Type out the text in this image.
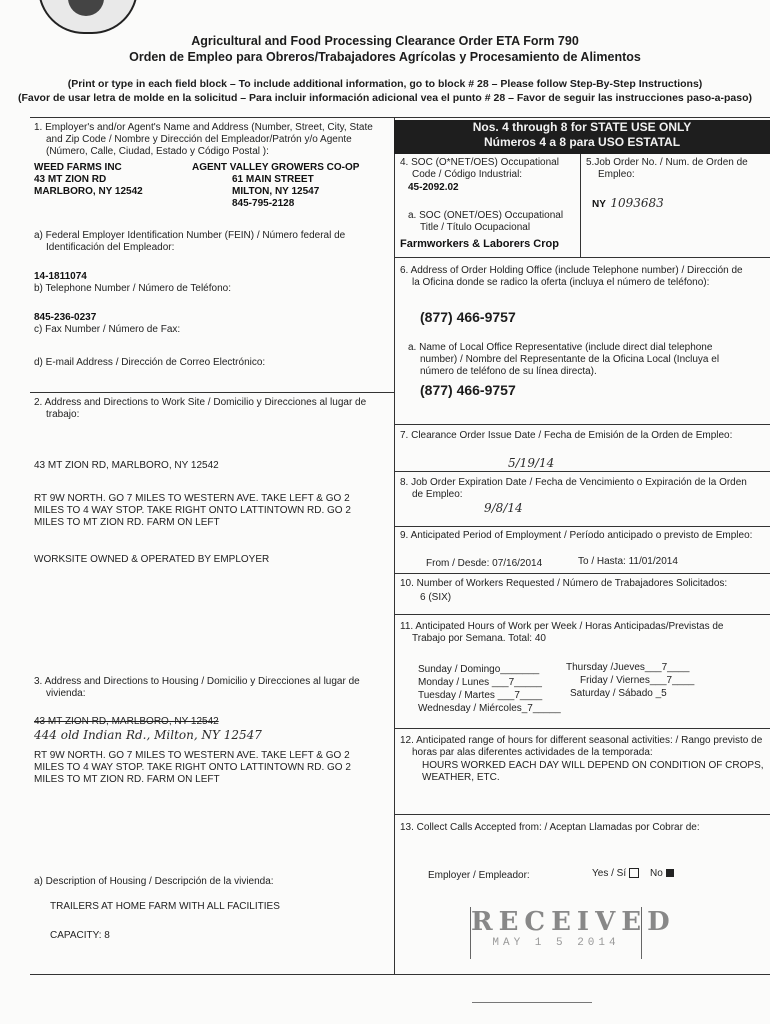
Agricultural and Food Processing Clearance Order ETA Form 790
Orden de Empleo para Obreros/Trabajadores Agrícolas y Procesamiento de Alimentos
(Print or type in each field block – To include additional information, go to block # 28 – Please follow Step-By-Step Instructions)
(Favor de usar letra de molde en la solicitud – Para incluir información adicional vea el punto # 28 – Favor de seguir las instrucciones paso-a-paso)
1. Employer's and/or Agent's Name and Address (Number, Street, City, State
and Zip Code / Nombre y Dirección del Empleador/Patrón y/o Agente
(Número, Calle, Ciudad, Estado y Código Postal ):
WEED FARMS INC
43 MT ZION RD
MARLBORO, NY 12542
AGENT VALLEY GROWERS CO-OP
61 MAIN STREET
MILTON, NY 12547
845-795-2128
a) Federal Employer Identification Number (FEIN) / Número federal de
Identificación del Empleador:
14-1811074
b) Telephone Number / Número de Teléfono:
845-236-0237
c) Fax Number / Número de Fax:
d) E-mail Address / Dirección de Correo Electrónico:
2. Address and Directions to Work Site / Domicilio y Direcciones al lugar de
trabajo:
43 MT ZION RD, MARLBORO, NY 12542
RT 9W NORTH. GO 7 MILES TO WESTERN AVE. TAKE LEFT & GO 2
MILES TO 4 WAY STOP. TAKE RIGHT ONTO LATTINTOWN RD. GO 2
MILES TO MT ZION RD. FARM ON LEFT
WORKSITE OWNED & OPERATED BY EMPLOYER
3. Address and Directions to Housing / Domicilio y Direcciones al lugar de
vivienda:
43 MT ZION RD, MARLBORO, NY 12542
444 old Indian Rd., Milton, NY 12547
RT 9W NORTH. GO 7 MILES TO WESTERN AVE. TAKE LEFT & GO 2
MILES TO 4 WAY STOP. TAKE RIGHT ONTO LATTINTOWN RD. GO 2
MILES TO MT ZION RD. FARM ON LEFT
a) Description of Housing / Descripción de la vivienda:
TRAILERS AT HOME FARM WITH ALL FACILITIES
CAPACITY: 8
Nos. 4 through 8 for STATE USE ONLY
Números 4 a 8 para USO ESTATAL
4. SOC (O*NET/OES) Occupational
Code / Código Industrial:
45-2092.02
a. SOC (ONET/OES) Occupational
Title / Título Ocupacional
Farmworkers & Laborers Crop
5.Job Order No. / Num. de Orden de
Empleo:
NY 1093683
6. Address of Order Holding Office (include Telephone number) / Dirección de
la Oficina donde se radico la oferta (incluya el número de teléfono):
(877) 466-9757
a. Name of Local Office Representative (include direct dial telephone
number) / Nombre del Representante de la Oficina Local (Incluya el
número de teléfono de su línea directa).
(877) 466-9757
7. Clearance Order Issue Date / Fecha de Emisión de la Orden de Empleo:
5/19/14
8. Job Order Expiration Date / Fecha de Vencimiento o Expiración de la Orden
de Empleo:
9/8/14
9. Anticipated Period of Employment / Período anticipado o previsto de Empleo:
From / Desde: 07/16/2014	To / Hasta: 11/01/2014
10. Number of Workers Requested / Número de Trabajadores Solicitados:
6 (SIX)
11. Anticipated Hours of Work per Week / Horas Anticipadas/Previstas de
Trabajo por Semana. Total: 40
Sunday / Domingo_______
Monday / Lunes ___7_____
Tuesday / Martes ___7____
Wednesday / Miércoles_7_____
Thursday /Jueves___7____
Friday / Viernes___7____
Saturday / Sábado _5
12. Anticipated range of hours for different seasonal activities: / Rango previsto de
horas par alas diferentes actividades de la temporada:
HOURS WORKED EACH DAY WILL DEPEND ON CONDITION OF CROPS,
WEATHER, ETC.
13. Collect Calls Accepted from: / Aceptan Llamadas por Cobrar de:
Employer / Empleador:	Yes / Sí No
RECEIVED
MAY 1 5 2014
